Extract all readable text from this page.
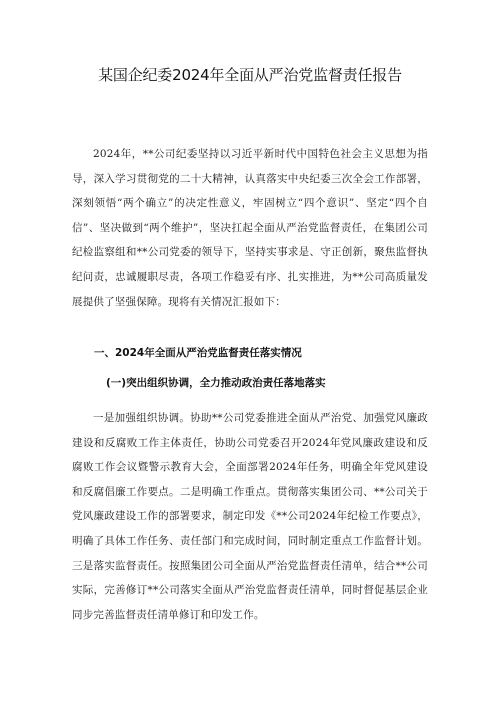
某国企纪委2024年全面从严治党监督责任报告

2024年，**公司纪委坚持以习近平新时代中国特色社会主义思想为指导，深入学习贯彻党的二十大精神，认真落实中央纪委三次全会工作部署，深刻领悟“两个确立”的决定性意义，牢固树立“四个意识”、坚定“四个自信”、坚决做到“两个维护”，坚决扛起全面从严治党监督责任，在集团公司纪检监察组和**公司党委的领导下，坚持实事求是、守正创新，聚焦监督执纪问责，忠诚履职尽责，各项工作稳妥有序、扎实推进，为**公司高质量发展提供了坚强保障。现将有关情况汇报如下：

一、2024年全面从严治党监督责任落实情况
(一)突出组织协调，全力推动政治责任落地落实

一是加强组织协调。协助**公司党委推进全面从严治党、加强党风廉政建设和反腐败工作主体责任，协助公司党委召开2024年党风廉政建设和反腐败工作会议暨警示教育大会，全面部署2024年任务，明确全年党风建设和反腐倡廉工作要点。二是明确工作重点。贯彻落实集团公司、**公司关于党风廉政建设工作的部署要求，制定印发《**公司2024年纪检工作要点》，明确了具体工作任务、责任部门和完成时间，同时制定重点工作监督计划。三是落实监督责任。按照集团公司全面从严治党监督责任清单，结合**公司实际，完善修订**公司落实全面从严治党监督责任清单，同时督促基层企业同步完善监督责任清单修订和印发工作。
